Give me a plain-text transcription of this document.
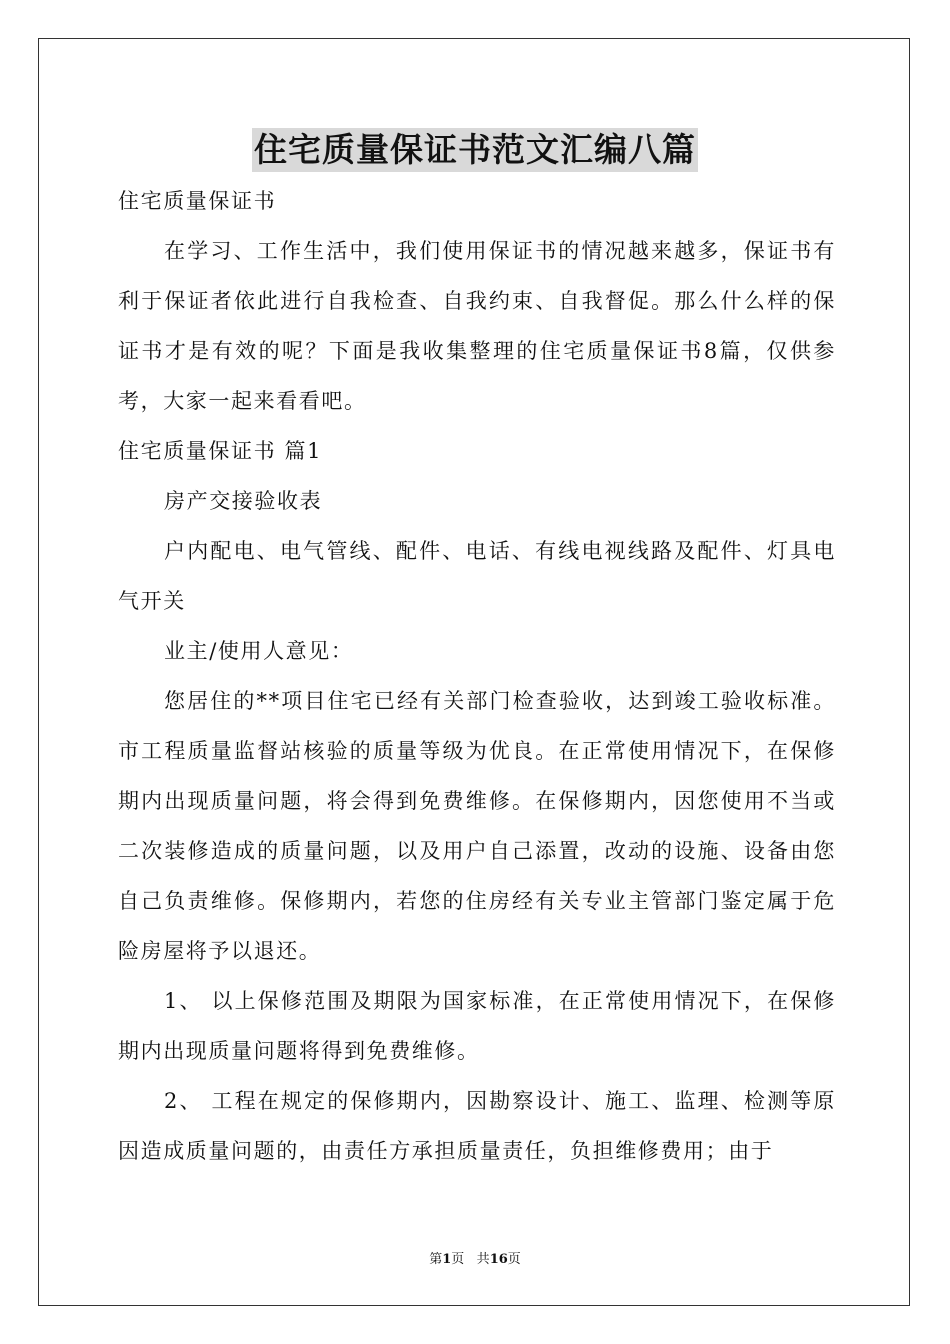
住宅质量保证书范文汇编八篇

住宅质量保证书

在学习、工作生活中，我们使用保证书的情况越来越多，保证书有利于保证者依此进行自我检查、自我约束、自我督促。那么什么样的保证书才是有效的呢？下面是我收集整理的住宅质量保证书8篇，仅供参考，大家一起来看看吧。

住宅质量保证书 篇1

房产交接验收表

户内配电、电气管线、配件、电话、有线电视线路及配件、灯具电气开关

业主/使用人意见：

您居住的**项目住宅已经有关部门检查验收，达到竣工验收标准。市工程质量监督站核验的质量等级为优良。在正常使用情况下，在保修期内出现质量问题，将会得到免费维修。在保修期内，因您使用不当或二次装修造成的质量问题，以及用户自己添置，改动的设施、设备由您自己负责维修。保修期内，若您的住房经有关专业主管部门鉴定属于危险房屋将予以退还。

1、 以上保修范围及期限为国家标准，在正常使用情况下，在保修期内出现质量问题将得到免费维修。

2、 工程在规定的保修期内，因勘察设计、施工、监理、检测等原因造成质量问题的，由责任方承担质量责任，负担维修费用；由于

第1页 共16页
